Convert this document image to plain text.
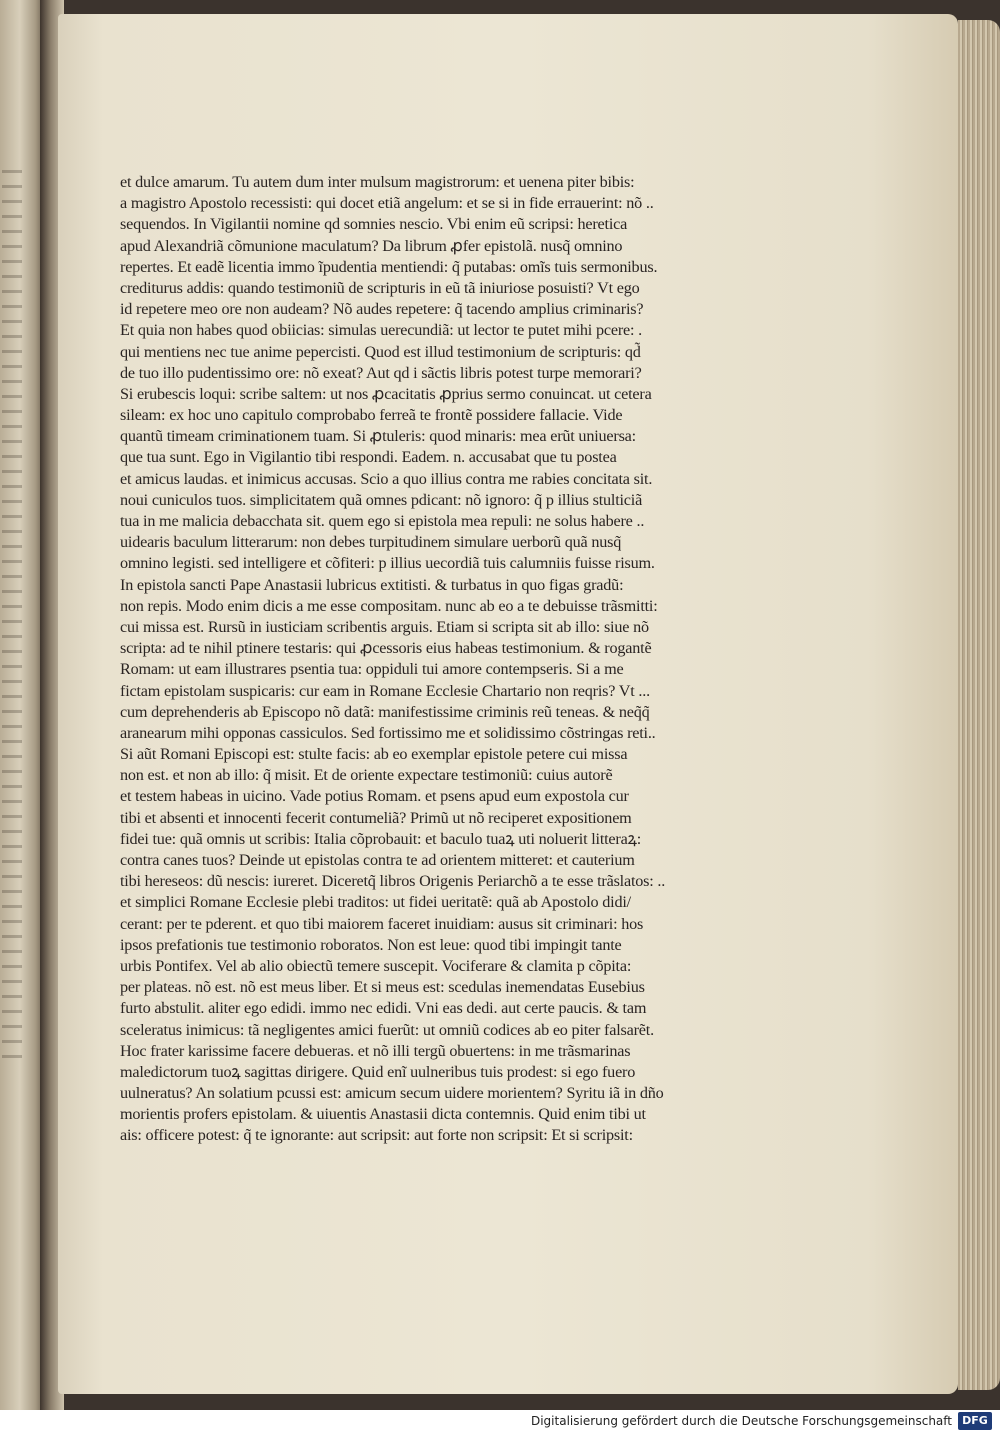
et dulce amarum. Tu autem dum inter mulsum magistrorum: et uenena piter bibis:
a magistro Apostolo recessisti: qui docet etiã angelum: et se si in fide errauerint: nõ ..
sequendos. In Vigilantii nomine qd somnies nescio. Vbi enim eũ scripsi: heretica
apud Alexandriã cõmunione maculatum? Da librum ꝓfer epistolã. nusq̃ omnino
repertes. Et eadẽ licentia immo ĩpudentia mentiendi: q̃ putabas: omĩs tuis sermonibus.
crediturus addis: quando testimoniũ de scripturis in eũ tã iniuriose posuisti? Vt ego
id repetere meo ore non audeam? Nõ audes repetere: q̃ tacendo amplius criminaris?
Et quia non habes quod obiicias: simulas uerecundiã: ut lector te putet mihi pcere: .
qui mentiens nec tue anime pepercisti. Quod est illud testimonium de scripturis: qd̃
de tuo illo pudentissimo ore: nõ exeat? Aut qd i sãctis libris potest turpe memorari?
Si erubescis loqui: scribe saltem: ut nos ꝓcacitatis ꝓprius sermo conuincat. ut cetera
sileam: ex hoc uno capitulo comprobabo ferreã te frontẽ possidere fallacie. Vide
quantũ timeam criminationem tuam. Si ꝓtuleris: quod minaris: mea erũt uniuersa:
que tua sunt. Ego in Vigilantio tibi respondi. Eadem. n. accusabat que tu postea
et amicus laudas. et inimicus accusas. Scio a quo illius contra me rabies concitata sit.
noui cuniculos tuos. simplicitatem quã omnes pdicant: nõ ignoro: q̃ p illius stulticiã
tua in me malicia debacchata sit. quem ego si epistola mea repuli: ne solus habere ..
uidearis baculum litterarum: non debes turpitudinem simulare uerborũ quã nusq̃
omnino legisti. sed intelligere et cõfiteri: p illius uecordiã tuis calumniis fuisse risum.
In epistola sancti Pape Anastasii lubricus extitisti. & turbatus in quo figas gradũ:
non repis. Modo enim dicis a me esse compositam. nunc ab eo a te debuisse trãsmitti:
cui missa est. Rursũ in iusticiam scribentis arguis. Etiam si scripta sit ab illo: siue nõ
scripta: ad te nihil ptinere testaris: qui ꝓcessoris eius habeas testimonium. & rogantẽ
Romam: ut eam illustrares psentia tua: oppiduli tui amore contempseris. Si a me
fictam epistolam suspicaris: cur eam in Romane Ecclesie Chartario non reqris? Vt ...
cum deprehenderis ab Episcopo nõ datã: manifestissime criminis reũ teneas. & neq̃q̃
aranearum mihi opponas cassiculos. Sed fortissimo me et solidissimo cõstringas reti..
Si aũt Romani Episcopi est: stulte facis: ab eo exemplar epistole petere cui missa
non est. et non ab illo: q̃ misit. Et de oriente expectare testimoniũ: cuius autorẽ
et testem habeas in uicino. Vade potius Romam. et psens apud eum expostola cur
tibi et absenti et innocenti fecerit contumeliã? Primũ ut nõ reciperet expositionem
fidei tue: quã omnis ut scribis: Italia cõprobauit: et baculo tuaꝝ uti noluerit litteraꝝ:
contra canes tuos? Deinde ut epistolas contra te ad orientem mitteret: et cauterium
tibi hereseos: dũ nescis: iureret. Diceretq̃ libros Origenis Periarchõ a te esse trãslatos: ..
et simplici Romane Ecclesie plebi traditos: ut fidei ueritatẽ: quã ab Apostolo didi/
cerant: per te pderent. et quo tibi maiorem faceret inuidiam: ausus sit criminari: hos
ipsos prefationis tue testimonio roboratos. Non est leue: quod tibi impingit tante
urbis Pontifex. Vel ab alio obiectũ temere suscepit. Vociferare & clamita p cõpita:
per plateas. nõ est. nõ est meus liber. Et si meus est: scedulas inemendatas Eusebius
furto abstulit. aliter ego edidi. immo nec edidi. Vni eas dedi. aut certe paucis. & tam
sceleratus inimicus: tã negligentes amici fuerũt: ut omniũ codices ab eo piter falsarẽt.
Hoc frater karissime facere debueras. et nõ illi tergũ obuertens: in me trãsmarinas
maledictorum tuoꝝ sagittas dirigere. Quid enĩ uulneribus tuis prodest: si ego fuero
uulneratus? An solatium pcussi est: amicum secum uidere morientem? Syritu iã in dño
morientis profers epistolam. & uiuentis Anastasii dicta contemnis. Quid enim tibi ut
ais: officere potest: q̃ te ignorante: aut scripsit: aut forte non scripsit: Et si scripsit:
Digitalisierung gefördert durch die Deutsche Forschungsgemeinschaft DFG
